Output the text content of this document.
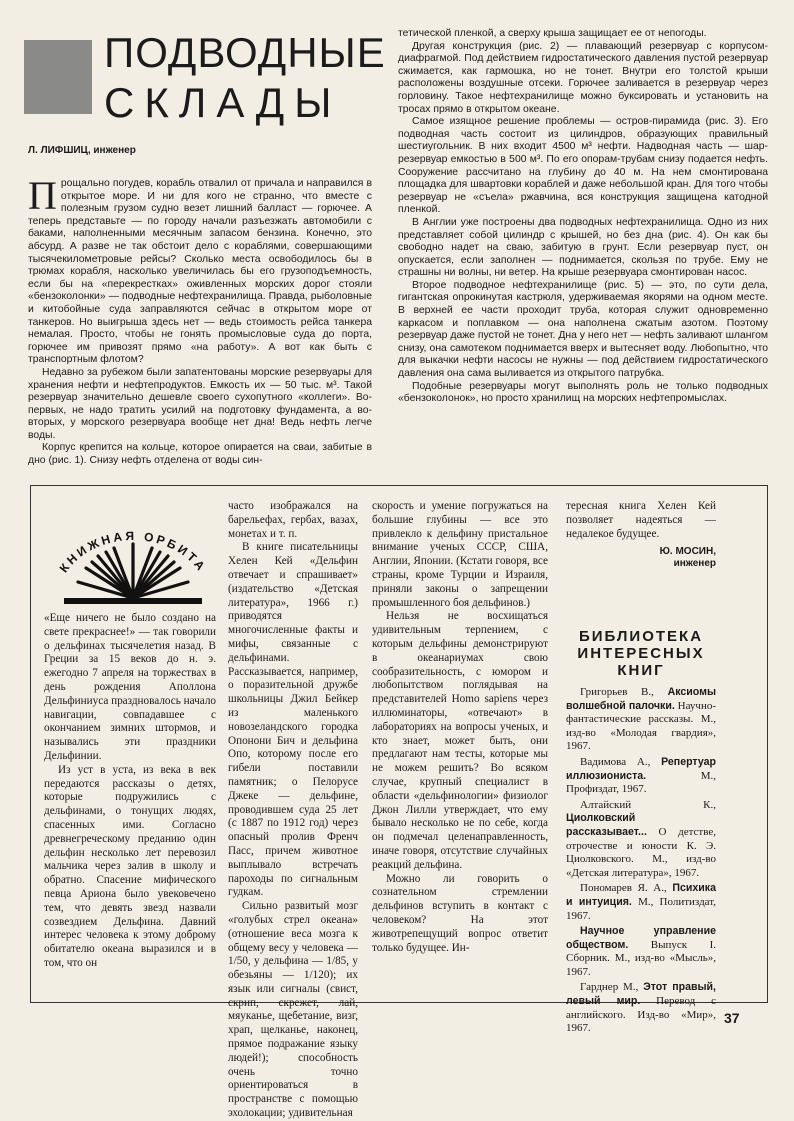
ПОДВОДНЫЕ
СКЛАДЫ
Л. ЛИФШИЦ, инженер

Прощально погудев, корабль отвалил от причала и направился в открытое море. И ни для кого не странно, что вместе с полезным грузом судно везет лишний балласт — горючее. А теперь представьте — по городу начали разъезжать автомобили с баками, наполненными месячным запасом бензина. Конечно, это абсурд. А разве не так обстоит дело с кораблями, совершающими тысячекилометровые рейсы? Сколько места освободилось бы в трюмах корабля, насколько увеличилась бы его грузоподъемность, если бы на «перекрестках» оживленных морских дорог стояли «бензоколонки» — подводные нефтехранилища. Правда, рыболовные и китобойные суда заправляются сейчас в открытом море от танкеров. Но выигрыша здесь нет — ведь стоимость рейса танкера немалая. Просто, чтобы не гонять промысловые суда до порта, горючее им привозят прямо «на работу». А вот как быть с транспортным флотом?

Недавно за рубежом были запатентованы морские резервуары для хранения нефти и нефтепродуктов. Емкость их — 50 тыс. м³. Такой резервуар значительно дешевле своего сухопутного «коллеги». Во-первых, не надо тратить усилий на подготовку фундамента, а во-вторых, у морского резервуара вообще нет дна! Ведь нефть легче воды.

Корпус крепится на кольце, которое опирается на сваи, забитые в дно (рис. 1). Снизу нефть отделена от воды син-

тетической пленкой, а сверху крыша защищает ее от непогоды.

Другая конструкция (рис. 2) — плавающий резервуар с корпусом-диафрагмой. Под действием гидростатического давления пустой резервуар сжимается, как гармошка, но не тонет. Внутри его толстой крыши расположены воздушные отсеки. Горючее заливается в резервуар через горловину. Такое нефтехранилище можно буксировать и установить на тросах прямо в открытом океане.

Самое изящное решение проблемы — остров-пирамида (рис. 3). Его подводная часть состоит из цилиндров, образующих правильный шестиугольник. В них входит 4500 м³ нефти. Надводная часть — шар-резервуар емкостью в 500 м³. По его опорам-трубам снизу подается нефть. Сооружение рассчитано на глубину до 40 м. На нем смонтирована площадка для швартовки кораблей и даже небольшой кран. Для того чтобы резервуар не «съела» ржавчина, вся конструкция защищена катодной пленкой.

В Англии уже построены два подводных нефтехранилища. Одно из них представляет собой цилиндр с крышей, но без дна (рис. 4). Он как бы свободно надет на сваю, забитую в грунт. Если резервуар пуст, он опускается, если заполнен — поднимается, скользя по трубе. Ему не страшны ни волны, ни ветер. На крыше резервуара смонтирован насос.

Второе подводное нефтехранилище (рис. 5) — это, по сути дела, гигантская опрокинутая кастрюля, удерживаемая якорями на одном месте. В верхней ее части проходит труба, которая служит одновременно каркасом и поплавком — она наполнена сжатым азотом. Поэтому резервуар даже пустой не тонет. Дна у него нет — нефть заливают шлангом снизу, она самотеком поднимается вверх и вытесняет воду. Любопытно, что для выкачки нефти насосы не нужны — под действием гидростатического давления она сама выливается из открытого патрубка.

Подобные резервуары могут выполнять роль не только подводных «бензоколонок», но просто хранилищ на морских нефтепромыслах.

КНИЖНАЯ ОРБИТА

«Еще ничего не было создано на свете прекраснее!» — так говорили о дельфинах тысячелетия назад. В Греции за 15 веков до н. э. ежегодно 7 апреля на торжествах в день рождения Аполлона Дельфиниуса праздновалось начало навигации, совпадавшее с окончанием зимних штормов, и назывались эти праздники Дельфинии.

Из уст в уста, из века в век передаются рассказы о детях, которые подружились с дельфинами, о тонущих людях, спасенных ими. Согласно древнегреческому преданию один дельфин несколько лет перевозил мальчика через залив в школу и обратно. Спасение мифического певца Ариона было увековечено тем, что девять звезд назвали созвездием Дельфина. Давний интерес человека к этому доброму обитателю океана выразился и в том, что он

часто изображался на барельефах, гербах, вазах, монетах и т. п.

В книге писательницы Хелен Кей «Дельфин отвечает и спрашивает» (издательство «Детская литература», 1966 г.) приводятся многочисленные факты и мифы, связанные с дельфинами. Рассказывается, например, о поразительной дружбе школьницы Джил Бейкер из маленького новозеландского городка Опонони Бич и дельфина Опо, которому после его гибели поставили памятник; о Пелорусе Джеке — дельфине, проводившем суда 25 лет (с 1887 по 1912 год) через опасный пролив Френч Пасс, причем животное выплывало встречать пароходы по сигнальным гудкам.

Сильно развитый мозг «голубых стрел океана» (отношение веса мозга к общему весу у человека — 1/50, у дельфина — 1/85, у обезьяны — 1/120); их язык или сигналы (свист, скрип, скрежет, лай, мяуканье, щебетание, визг, храп, щелканье, наконец, прямое подражание языку людей!); способность очень точно ориентироваться в пространстве с помощью эхолокации; удивительная

скорость и умение погружаться на большие глубины — все это привлекло к дельфину пристальное внимание ученых СССР, США, Англии, Японии. (Кстати говоря, все страны, кроме Турции и Израиля, приняли законы о запрещении промышленного боя дельфинов.)

Нельзя не восхищаться удивительным терпением, с которым дельфины демонстрируют в океанариумах свою сообразительность, с юмором и любопытством поглядывая на представителей Homo sapiens через иллюминаторы, «отвечают» в лабораториях на вопросы ученых, и кто знает, может быть, они предлагают нам тесты, которые мы не можем решить? Во всяком случае, крупный специалист в области «дельфинологии» физиолог Джон Лилли утверждает, что ему бывало несколько не по себе, когда он подмечал целенаправленность, иначе говоря, отсутствие случайных реакций дельфина.

Можно ли говорить о сознательном стремлении дельфинов вступить в контакт с человеком? На этот животрепещущий вопрос ответит только будущее. Ин-

тересная книга Хелен Кей позволяет надеяться — недалекое будущее.

Ю. МОСИН,
инженер
БИБЛИОТЕКА
ИНТЕРЕСНЫХ
КНИГ

Григорьев В., Аксиомы волшебной палочки. Научно-фантастические рассказы. М., изд-во «Молодая гвардия», 1967.

Вадимова А., Репертуар иллюзиониста.	М., Профиздат, 1967.

Алтайский К., Циолковский рассказывает... О детстве, отрочестве и юности К. Э. Циолковского. М., изд-во «Детская литература», 1967.

Пономарев Я. А., Психика и интуиция. М., Политиздат, 1967.

Научное управление обществом. Выпуск I. Сборник. М., изд-во «Мысль», 1967.

Гарднер М., Этот правый, левый мир. Перевод с английского. Изд-во «Мир», 1967.

37
